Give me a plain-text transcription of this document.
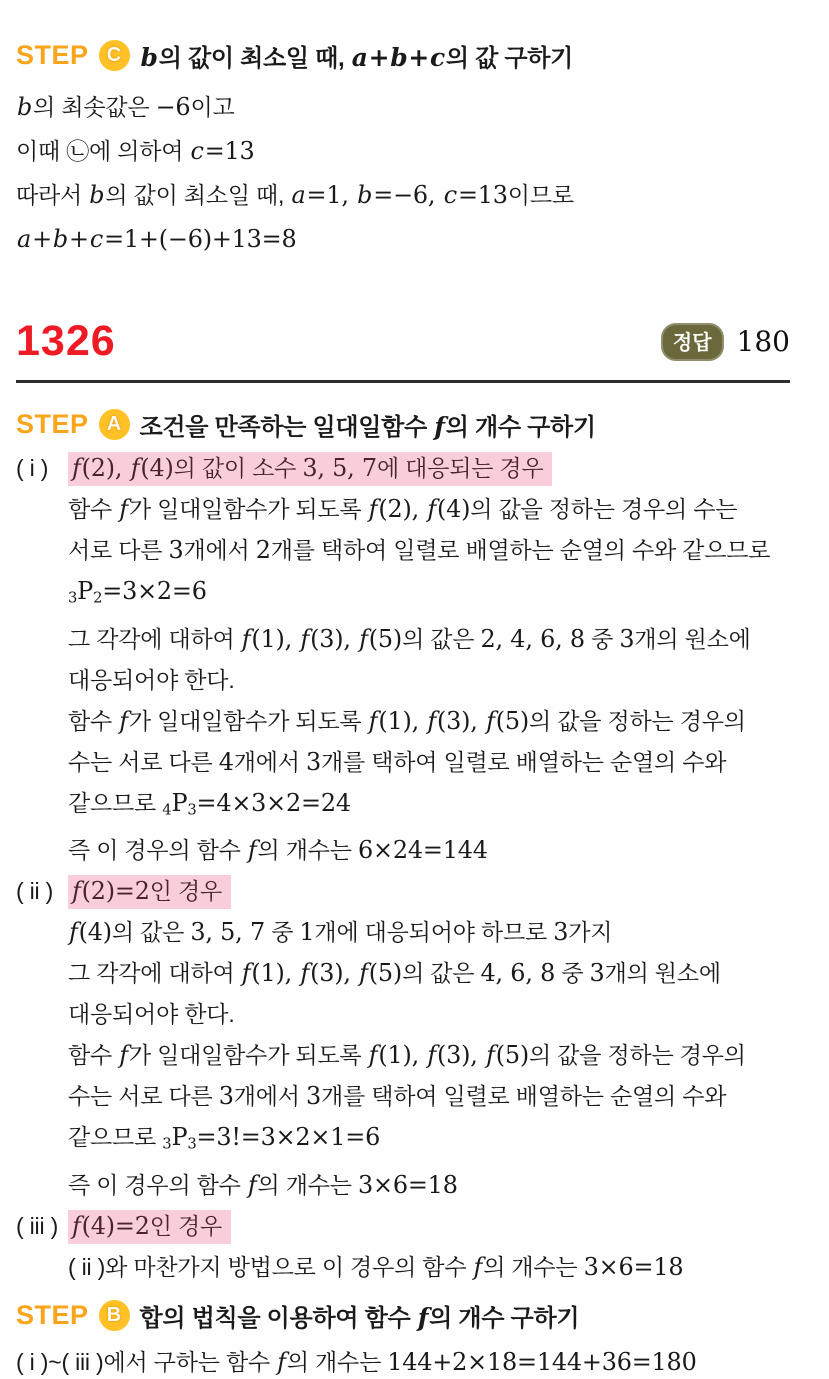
STEP C b의 값이 최소일 때, a+b+c의 값 구하기
b의 최솟값은 −6이고
이때 ㉡에 의하여 c=13
따라서 b의 값이 최소일 때, a=1, b=−6, c=13이므로
a+b+c=1+(−6)+13=8
1326	정답 180
STEP A 조건을 만족하는 일대일함수 f의 개수 구하기
( i ) f(2), f(4)의 값이 소수 3, 5, 7에 대응되는 경우
함수 f가 일대일함수가 되도록 f(2), f(4)의 값을 정하는 경우의 수는
서로 다른 3개에서 2개를 택하여 일렬로 배열하는 순열의 수와 같으므로
3P2=3×2=6
그 각각에 대하여 f(1), f(3), f(5)의 값은 2, 4, 6, 8 중 3개의 원소에
대응되어야 한다.
함수 f가 일대일함수가 되도록 f(1), f(3), f(5)의 값을 정하는 경우의
수는 서로 다른 4개에서 3개를 택하여 일렬로 배열하는 순열의 수와
같으므로 4P3=4×3×2=24
즉 이 경우의 함수 f의 개수는 6×24=144
( ii ) f(2)=2인 경우
f(4)의 값은 3, 5, 7 중 1개에 대응되어야 하므로 3가지
그 각각에 대하여 f(1), f(3), f(5)의 값은 4, 6, 8 중 3개의 원소에
대응되어야 한다.
함수 f가 일대일함수가 되도록 f(1), f(3), f(5)의 값을 정하는 경우의
수는 서로 다른 3개에서 3개를 택하여 일렬로 배열하는 순열의 수와
같으므로 3P3=3!=3×2×1=6
즉 이 경우의 함수 f의 개수는 3×6=18
( iii ) f(4)=2인 경우
( ii )와 마찬가지 방법으로 이 경우의 함수 f의 개수는 3×6=18
STEP B 합의 법칙을 이용하여 함수 f의 개수 구하기
( i )~( iii )에서 구하는 함수 f의 개수는 144+2×18=144+36=180
